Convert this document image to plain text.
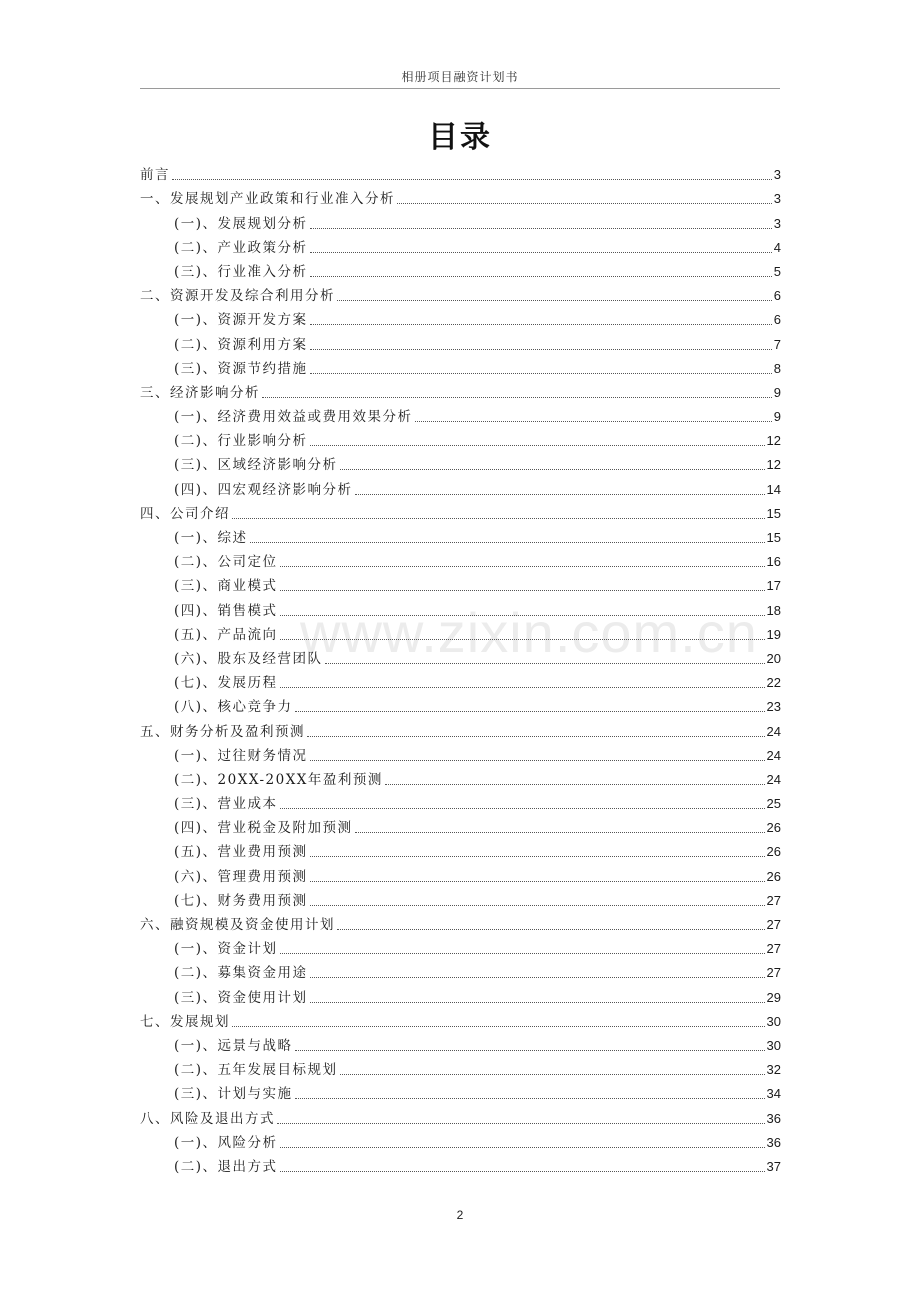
相册项目融资计划书
目录
www.zixin.com.cn
前言	3
一、发展规划产业政策和行业准入分析	3
(一)、发展规划分析	3
(二)、产业政策分析	4
(三)、行业准入分析	5
二、资源开发及综合利用分析	6
(一)、资源开发方案	6
(二)、资源利用方案	7
(三)、资源节约措施	8
三、经济影响分析	9
(一)、经济费用效益或费用效果分析	9
(二)、行业影响分析	12
(三)、区域经济影响分析	12
(四)、四宏观经济影响分析	14
四、公司介绍	15
(一)、综述	15
(二)、公司定位	16
(三)、商业模式	17
(四)、销售模式	18
(五)、产品流向	19
(六)、股东及经营团队	20
(七)、发展历程	22
(八)、核心竞争力	23
五、财务分析及盈利预测	24
(一)、过往财务情况	24
(二)、20XX-20XX年盈利预测	24
(三)、营业成本	25
(四)、营业税金及附加预测	26
(五)、营业费用预测	26
(六)、管理费用预测	26
(七)、财务费用预测	27
六、融资规模及资金使用计划	27
(一)、资金计划	27
(二)、募集资金用途	27
(三)、资金使用计划	29
七、发展规划	30
(一)、远景与战略	30
(二)、五年发展目标规划	32
(三)、计划与实施	34
八、风险及退出方式	36
(一)、风险分析	36
(二)、退出方式	37
2
